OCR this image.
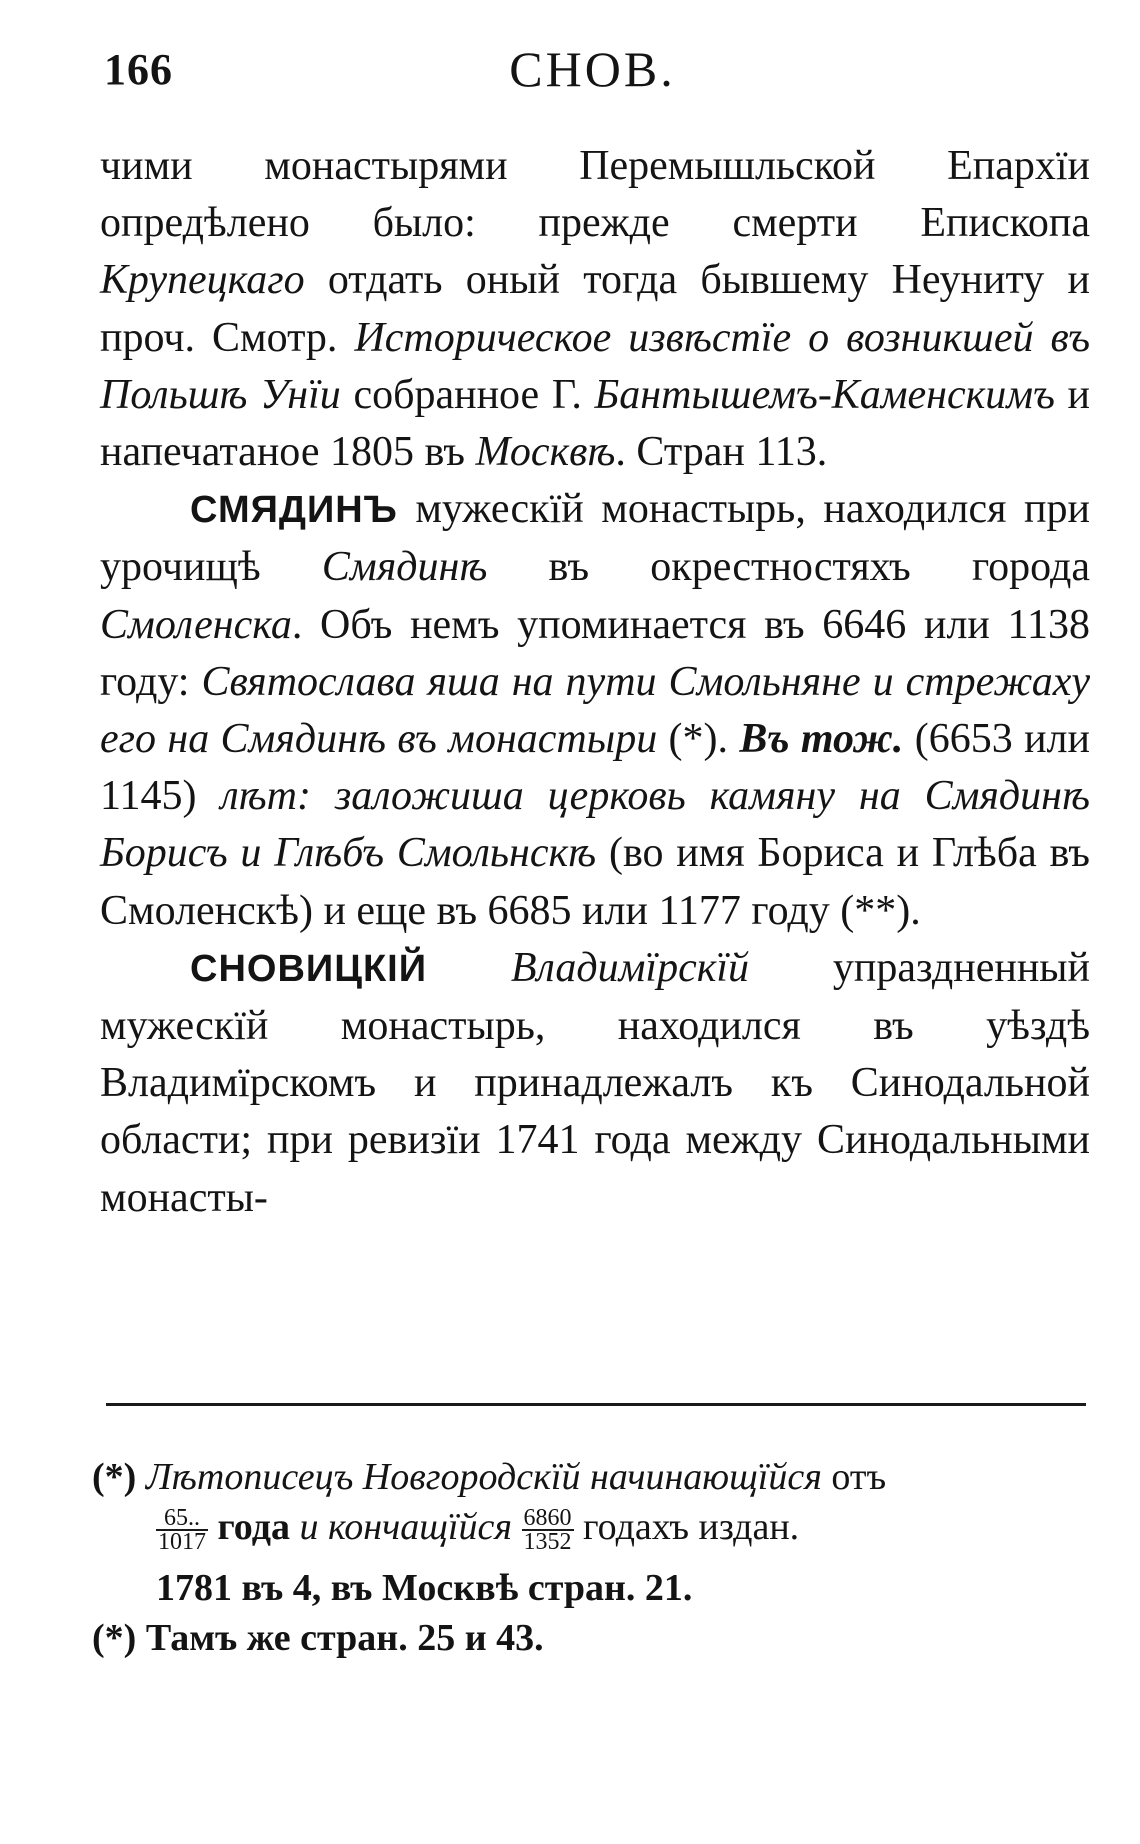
166	СНОВ.

чими монастырями Перемышльской Епархїи опредѣлено было: прежде смерти Епископа Крупецкаго отдать оный тогда бывшему Неуниту и проч. Смотр. Историческое извѣстїе о возникшей въ Польшѣ Унїи собранное Г. Бантышемъ-Каменскимъ и напечатаное 1805 въ Москвѣ. Стран 113.

СМЯДИНЪ мужескїй монастырь, находился при урочищѣ Смядинѣ въ окрестностяхъ города Смоленска. Объ немъ упоминается въ 6646 или 1138 году: Святослава яша на пути Смольняне и стрежаху его на Смядинѣ въ монастыри (*). Въ тож. (6653 или 1145) лѣт: заложиша церковь камяну на Смядинѣ Борисъ и Глѣбъ Смольнскѣ (во имя Бориса и Глѣба въ Смоленскѣ) и еще въ 6685 или 1177 году (**).

СНОВИЦКІЙ Владимїрскїй упраздненный мужескїй монастырь, находился въ уѣздѣ Владимїрскомъ и принадлежалъ къ Синодальной области; при ревизїи 1741 года между Синодальными монасты-

(*) Лѣтописецъ Новгородскїй начинающїйся отъ

$\frac{65..}{1017}$ года и кончащїйся $\frac{6860}{1352}$ годахъ издан.

1781 въ 4, въ Москвѣ стран. 21.

(*) Тамъ же стран. 25 и 43.
